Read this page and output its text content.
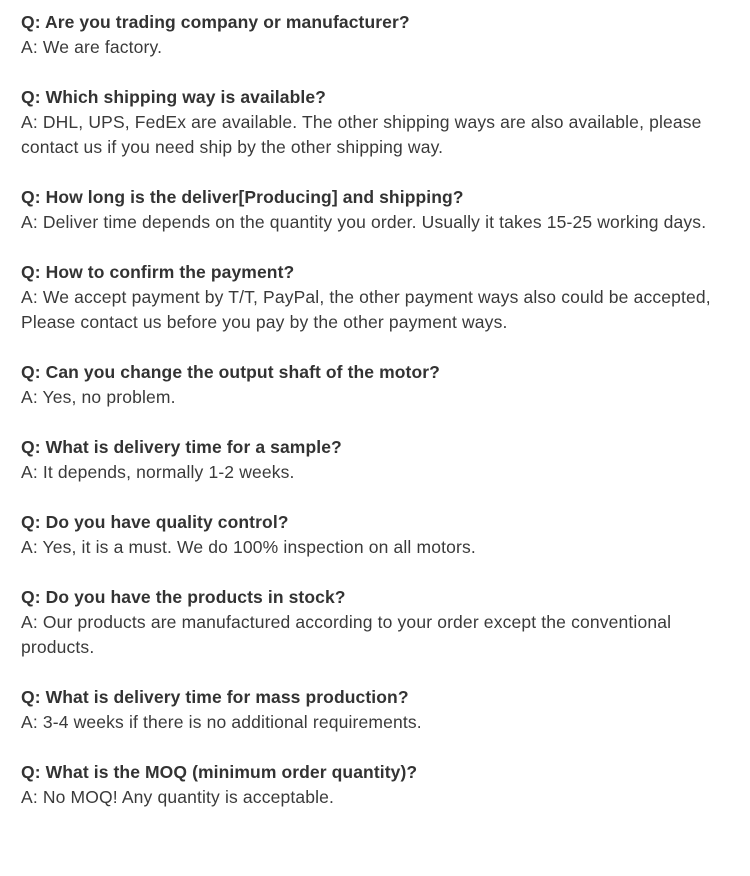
Q: Are you trading company or manufacturer?
A: We are factory.
Q: Which shipping way is available?
A: DHL, UPS, FedEx are available. The other shipping ways are also available, please contact us if you need ship by the other shipping way.
Q: How long is the deliver[Producing] and shipping?
A: Deliver time depends on the quantity you order. Usually it takes 15-25 working days.
Q: How to confirm the payment?
A: We accept payment by T/T, PayPal, the other payment ways also could be accepted, Please contact us before you pay by the other payment ways.
Q: Can you change the output shaft of the motor?
A: Yes, no problem.
Q: What is delivery time for a sample?
A: It depends, normally 1-2 weeks.
Q: Do you have quality control?
A: Yes, it is a must. We do 100% inspection on all motors.
Q: Do you have the products in stock?
A: Our products are manufactured according to your order except the conventional products.
Q: What is delivery time for mass production?
A: 3-4 weeks if there is no additional requirements.
Q: What is the MOQ (minimum order quantity)?
A: No MOQ! Any quantity is acceptable.
